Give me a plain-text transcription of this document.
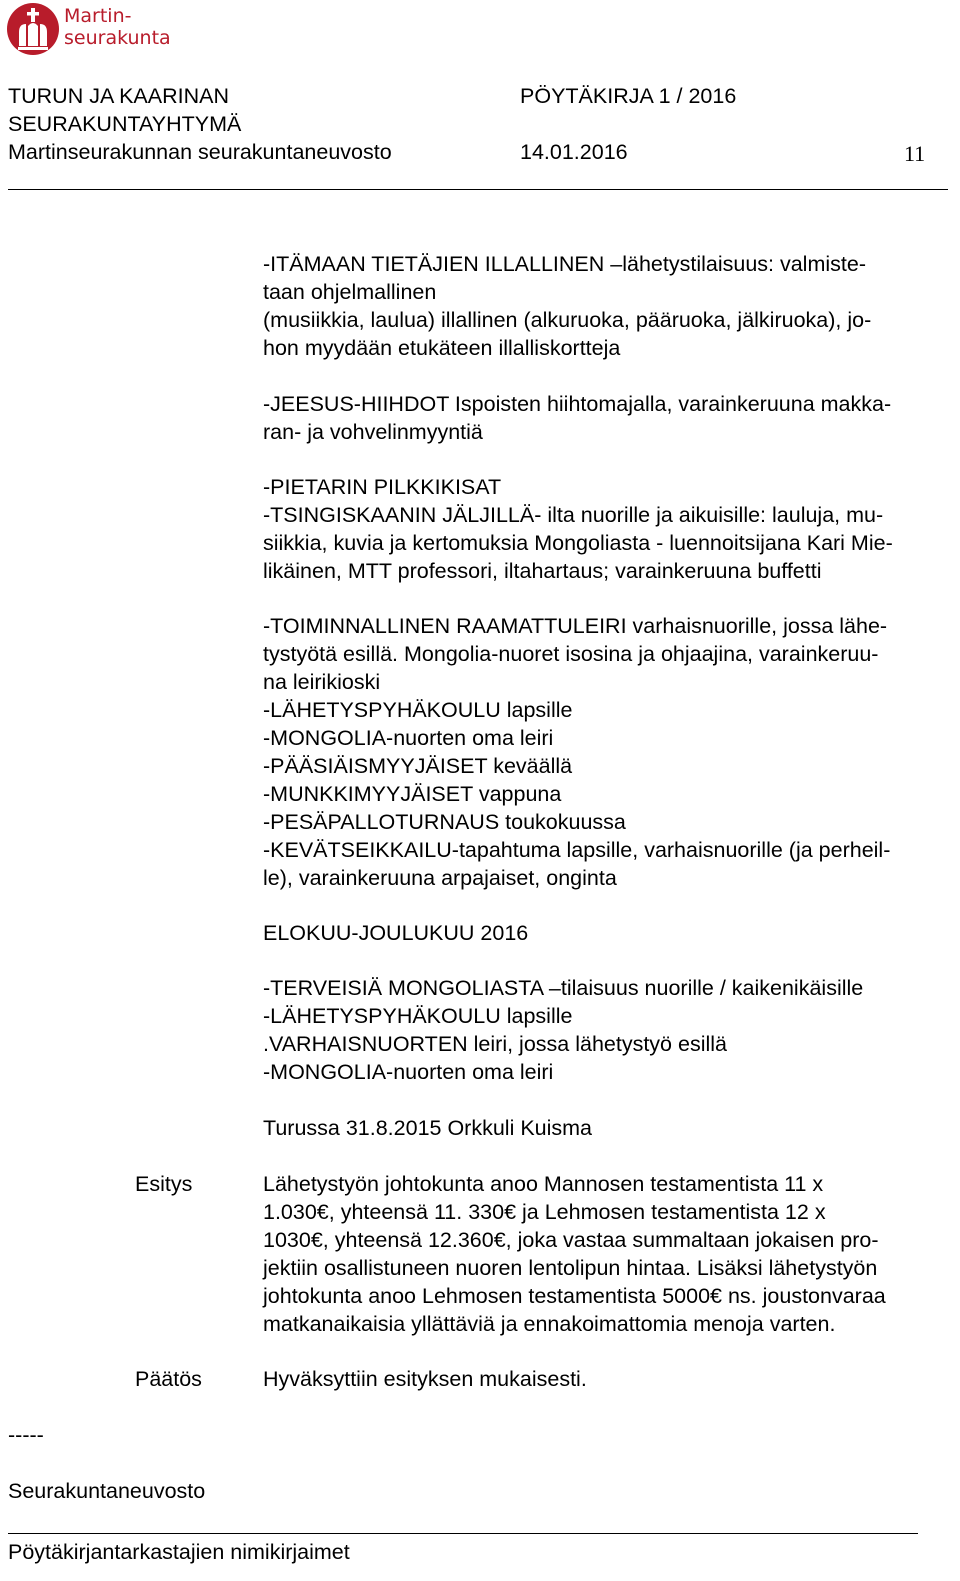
Martin-
seurakunta
TURUN JA KAARINAN
SEURAKUNTAYHTYMÄ
PÖYTÄKIRJA 1 / 2016
Martinseurakunnan seurakuntaneuvosto	14.01.2016	11
-ITÄMAAN TIETÄJIEN ILLALLINEN –lähetystilaisuus: valmiste-
taan ohjelmallinen
(musiikkia, laulua) illallinen (alkuruoka, pääruoka, jälkiruoka), jo-
hon myydään etukäteen illalliskortteja
-JEESUS-HIIHDOT Ispoisten hiihtomajalla, varainkeruuna makka-
ran- ja vohvelinmyyntiä
-PIETARIN PILKKIKISAT
-TSINGISKAANIN JÄLJILLÄ- ilta nuorille ja aikuisille: lauluja, mu-
siikkia, kuvia ja kertomuksia Mongoliasta - luennoitsijana Kari Mie-
likäinen, MTT professori, iltahartaus; varainkeruuna buffetti
-TOIMINNALLINEN RAAMATTULEIRI varhaisnuorille, jossa lähe-
tystyötä esillä. Mongolia-nuoret isosina ja ohjaajina, varainkeruu-
na leirikioski
-LÄHETYSPYHÄKOULU lapsille
-MONGOLIA-nuorten oma leiri
-PÄÄSIÄISMYYJÄISET keväällä
-MUNKKIMYYJÄISET vappuna
-PESÄPALLOTURNAUS toukokuussa
-KEVÄTSEIKKAILU-tapahtuma lapsille, varhaisnuorille (ja perheil-
le), varainkeruuna arpajaiset, onginta
ELOKUU-JOULUKUU 2016
-TERVEISIÄ MONGOLIASTA –tilaisuus nuorille / kaikenikäisille
-LÄHETYSPYHÄKOULU lapsille
.VARHAISNUORTEN leiri, jossa lähetystyö esillä
-MONGOLIA-nuorten oma leiri
Turussa 31.8.2015 Orkkuli Kuisma
Esitys	Lähetystyön johtokunta anoo Mannosen testamentista 11 x
1.030€, yhteensä 11. 330€ ja Lehmosen testamentista 12 x
1030€, yhteensä 12.360€, joka vastaa summaltaan jokaisen pro-
jektiin osallistuneen nuoren lentolipun hintaa. Lisäksi lähetystyön
johtokunta anoo Lehmosen testamentista 5000€ ns. joustonvaraa
matkanaikaisia yllättäviä ja ennakoimattomia menoja varten.
Päätös	Hyväksyttiin esityksen mukaisesti.
-----
Seurakuntaneuvosto
Pöytäkirjantarkastajien nimikirjaimet
